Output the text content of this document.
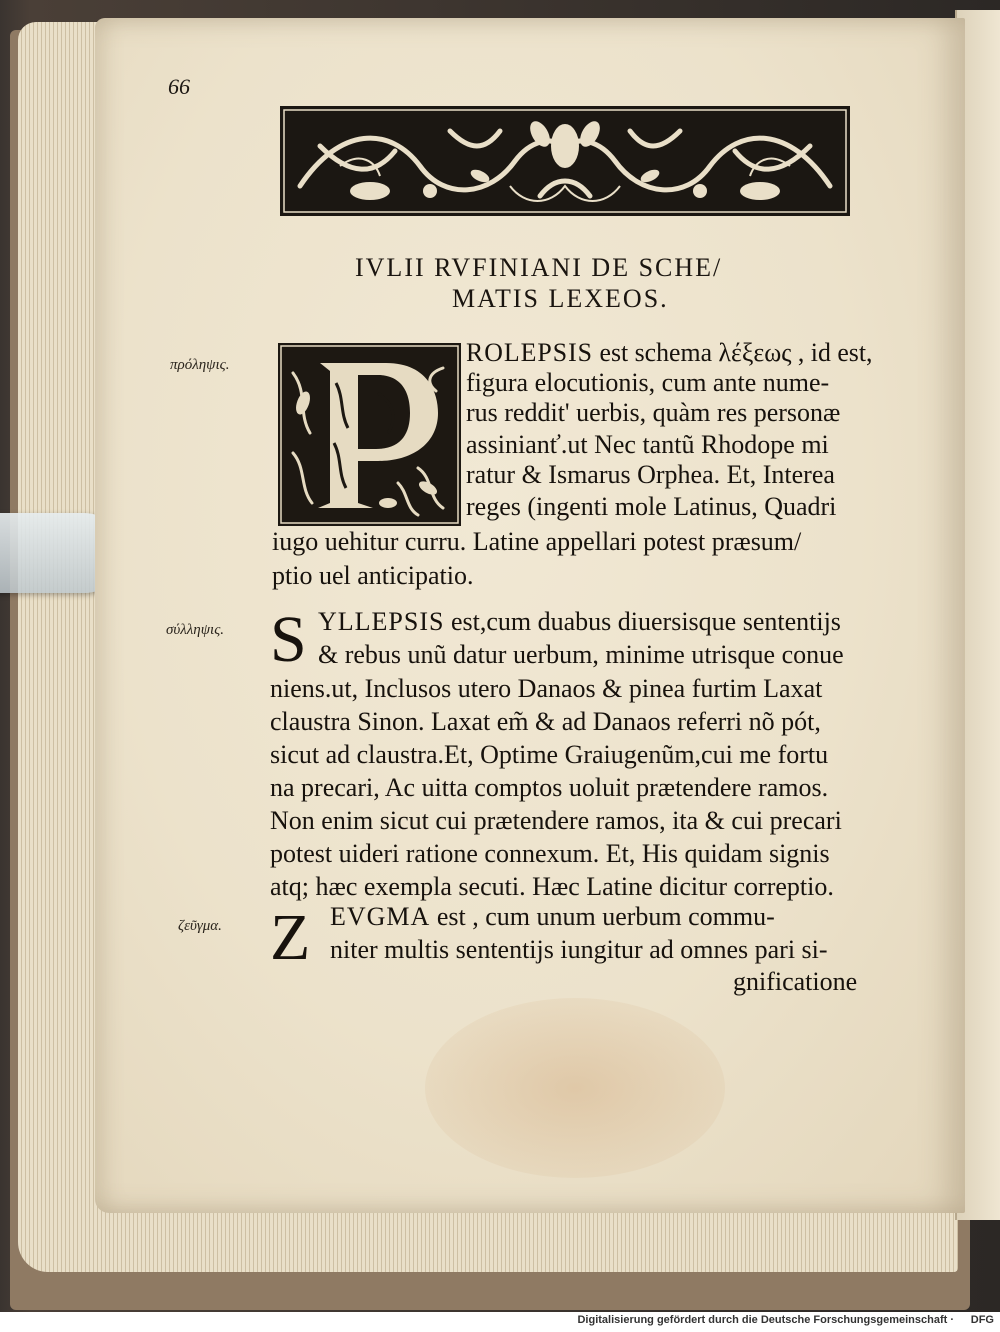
66
IVLII RVFINIANI DE SCHE/
MATIS LEXEOS.
πρόληψις.
σύλληψις.
ζεῦγμα.
ROLEPSIS est schema λέξεως , id est,
figura elocutionis, cum ante nume-
rus reddit' uerbis, quàm res personæ
assinianť.ut Nec tantũ Rhodope mi
ratur & Ismarus Orphea. Et, Interea
reges (ingenti mole Latinus, Quadri
iugo uehitur curru. Latine appellari potest præsum/
ptio uel anticipatio.
S YLLEPSIS est,cum duabus diuersisque sententijs
& rebus unũ datur uerbum, minime utrisque conue
niens.ut, Inclusos utero Danaos & pinea furtim Laxat
claustra Sinon. Laxat em̃ & ad Danaos referri nõ pót,
sicut ad claustra.Et, Optime Graiugenũm,cui me fortu
na precari, Ac uitta comptos uoluit prætendere ramos.
Non enim sicut cui prætendere ramos, ita & cui precari
potest uideri ratione connexum. Et, His quidam signis
atq; hæc exempla secuti. Hæc Latine dicitur correptio.
Z EVGMA est , cum unum uerbum commu-
niter multis sententijs iungitur ad omnes pari si-
gnificatione
Digitalisierung gefördert durch die Deutsche Forschungsgemeinschaft · DFG
